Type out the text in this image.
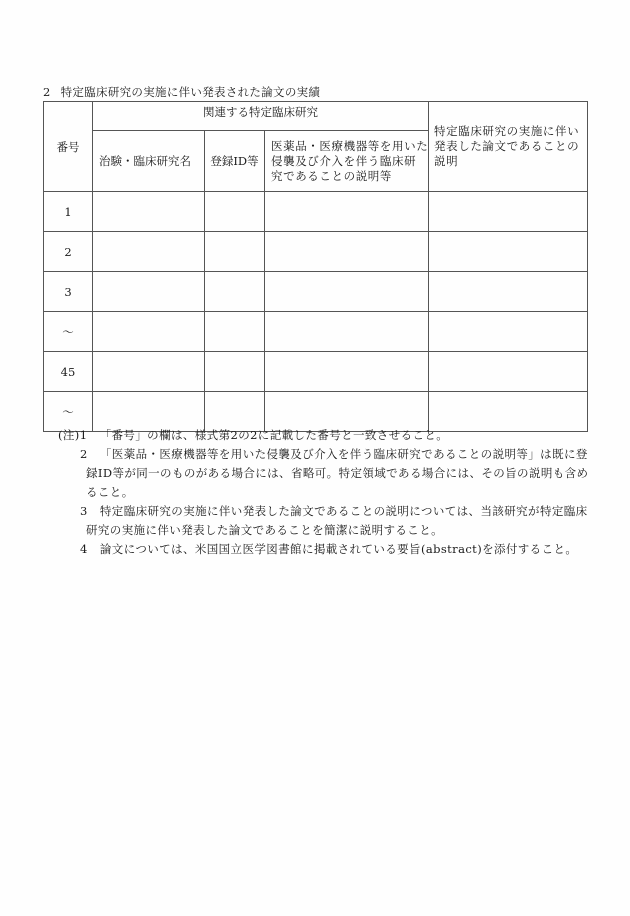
2 特定臨床研究の実施に伴い発表された論文の実績
番号	関連する特定臨床研究			特定臨床研究の実施に伴い
発表した論文であることの
説明

	治験・臨床研究名	登録ID等	医薬品・医療機器等を用いた
侵襲及び介入を伴う臨床研
究であることの説明等	

1				
2				
3				
～				
45				
～				
(注)1 「番号」の欄は、様式第2の2に記載した番号と一致させること。
2 「医薬品・医療機器等を用いた侵襲及び介入を伴う臨床研究であることの説明等」は既に登
録ID等が同一のものがある場合には、省略可。特定領域である場合には、その旨の説明も含め
ること。
3 特定臨床研究の実施に伴い発表した論文であることの説明については、当該研究が特定臨床
研究の実施に伴い発表した論文であることを簡潔に説明すること。
4 論文については、米国国立医学図書館に掲載されている要旨(abstract)を添付すること。
